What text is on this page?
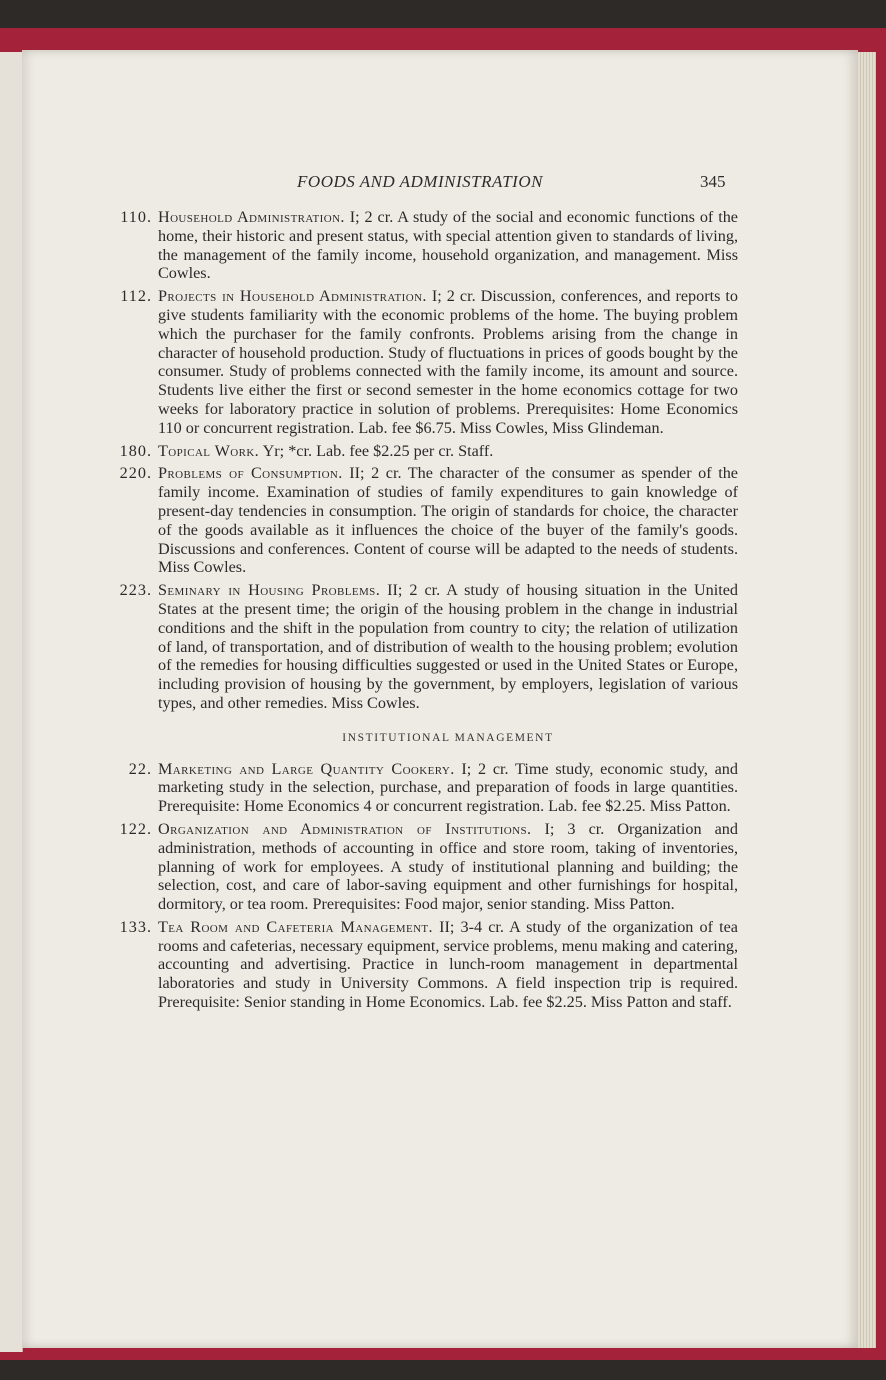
FOODS AND ADMINISTRATION	345
110. Household Administration. I; 2 cr. A study of the social and economic functions of the home, their historic and present status, with special attention given to standards of living, the management of the family income, household organization, and management. Miss Cowles.
112. Projects in Household Administration. I; 2 cr. Discussion, conferences, and reports to give students familiarity with the economic problems of the home. The buying problem which the purchaser for the family confronts. Problems arising from the change in character of household production. Study of fluctuations in prices of goods bought by the consumer. Study of problems connected with the family income, its amount and source. Students live either the first or second semester in the home economics cottage for two weeks for laboratory practice in solution of problems. Prerequisites: Home Economics 110 or concurrent registration. Lab. fee $6.75. Miss Cowles, Miss Glindeman.
180. Topical Work. Yr; *cr. Lab. fee $2.25 per cr. Staff.
220. Problems of Consumption. II; 2 cr. The character of the consumer as spender of the family income. Examination of studies of family expenditures to gain knowledge of present-day tendencies in consumption. The origin of standards for choice, the character of the goods available as it influences the choice of the buyer of the family's goods. Discussions and conferences. Content of course will be adapted to the needs of students. Miss Cowles.
223. Seminary in Housing Problems. II; 2 cr. A study of housing situation in the United States at the present time; the origin of the housing problem in the change in industrial conditions and the shift in the population from country to city; the relation of utilization of land, of transportation, and of distribution of wealth to the housing problem; evolution of the remedies for housing difficulties suggested or used in the United States or Europe, including provision of housing by the government, by employers, legislation of various types, and other remedies. Miss Cowles.
INSTITUTIONAL MANAGEMENT
22. Marketing and Large Quantity Cookery. I; 2 cr. Time study, economic study, and marketing study in the selection, purchase, and preparation of foods in large quantities. Prerequisite: Home Economics 4 or concurrent registration. Lab. fee $2.25. Miss Patton.
122. Organization and Administration of Institutions. I; 3 cr. Organization and administration, methods of accounting in office and store room, taking of inventories, planning of work for employees. A study of institutional planning and building; the selection, cost, and care of labor-saving equipment and other furnishings for hospital, dormitory, or tea room. Prerequisites: Food major, senior standing. Miss Patton.
133. Tea Room and Cafeteria Management. II; 3-4 cr. A study of the organization of tea rooms and cafeterias, necessary equipment, service problems, menu making and catering, accounting and advertising. Practice in lunch-room management in departmental laboratories and study in University Commons. A field inspection trip is required. Prerequisite: Senior standing in Home Economics. Lab. fee $2.25. Miss Patton and staff.
